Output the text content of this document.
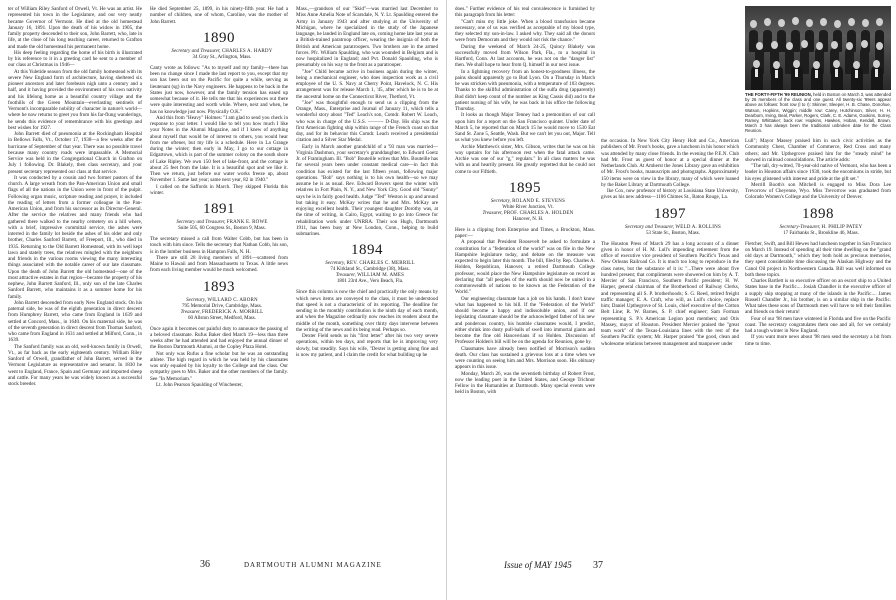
ter of William Riley Sanford of Orwell, Vt. He was an artist. He represented his town in the Legislature, and our very neatly became Governor of Vermont. He died at the old homestead January 16, 1891. Upon the death of his widow in 1905, the family property descended to their son, John Barrett, who, late in life, at the close of his long teaching career, returned to Grafton and made the old homestead his permanent home.

His deep feeling regarding the home of his birth is illustrated by his reference to it in a greeting card he sent to a member of our class at Christmas in 1946—

At this Yuletide season from the old family homestead with its severe New England form of architecture, having sheltered six pioneer ancestors and later forebears nigh unto a century and a half, and it having provided the environment of his own nativity and his lifelong home as a beautiful country village and the foothills of the Green Mountain—everlasting sentinels of Vermont's incomparable nobility of character in nature's world—where he now returns to greet you from his far-flung wanderings, he sends this evidence of remembrance with his greetings and best wishes for 1927.

John Barrett died of pneumonia at the Rockingham Hospital in Bellows Falls, Vt., October 17, 1938—a few weeks after the hurricane of September of that year. There was no possible travel because many country roads were impassable. A Memorial Service was held in the Congregational Church in Grafton on July 1 following. Dr. Blakely, then class secretary, and your present secretary represented our class at that service.

It was conducted by a cousin and two former pastors of the church. A large wreath from the Pan-American Union and small flags of all the nations in the Union were in front of the pulpit. Following organ music, scripture reading and prayer, it included the reading of letters from a former colleague in the Pan-American Union, and from his successor as its Director-General. After the service the relatives and many friends who had gathered there walked to the nearby cemetery on a hill where, with a brief, impressive committal service, the ashes were interred in the family lot beside the ashes of his older and only brother, Charles Sanford Barrett, of Freeport, Ill., who died in 1935. Returning to the Old Barrett Homestead, with its well kept lawn and stately trees, the relatives mingled with the neighbors and friends in the various rooms viewing the many interesting things associated with the notable career of our late classmate. Upon the death of John Barrett the old homestead—one of the most attractive estates in that region—became the property of his nephew, John Barrett Sanford, Ill., only son of the late Charles Sanford Barrett, who maintains it as a summer home for his family.

John Barrett descended from early New England stock. On his paternal side, he was of the eighth generation in direct descent from Humphrey Barrett, who came from England in 1639 and settled at Concord, Mass., in 1640. On his maternal side, he was of the seventh generation in direct descent from Thomas Sanford, who came from England in 1631 and settled at Milford, Conn., in 1639.

The Sanford family was an old, well-known family in Orwell, Vt., as far back as the early eighteenth century. William Riley Sanford of Orwell, grandfather of John Barrett, served in the Vermont Legislature as representative and senator. In 1830 he went to England, France, Spain and Germany and imported sheep and cattle. For many years he was widely known as a successful stock breeder.

He died September 25, 1899, in his ninety-fifth year. He had a number of children, one of whom, Caroline, was the mother of John Barrett.

1890

Secretary and Treasurer, CHARLES A. HARDY

34 Gray St., Arlington, Mass.

Canty wrote as follows: "As to myself and my family—there has been no change since I made the last report to you, except that my son has been out on the Pacific for quite a while, serving as lieutenant (sg) in the Navy engineers. He happens to be back in the States just now, however, and the family tension has eased up somewhat because of it. He tells me that his experiences out there were quite interesting and worth while. Where, next and when, he has no knowledge just now. Physically O.K."

And this from "Heavy" Holmes: "I am glad to send you check in response to your letter. I would like to tell you how much I like your Notes in the Alumni Magazine, and if I knew of anything about myself that would be of interest to others, you would hear from me oftener, but my life is a schedule. Here in La Grange during the winter; then early in May, I go to our cottage in Edgartown, which is part of the summer colony on the south shore of Lake Ripley. We own 150 feet of lake-front, and the cottage is about 25 feet from the lake. It is a beautiful spot and we like it. Then we return, just before our water works freeze up, about November 1. Same last year; same next year, 82 in 1940."

I called on the Saffords in March. They skipped Florida this winter.

1891

Secretary and Treasurer, FRANK E. ROWE

Suite 505, 60 Congress St., Boston 9, Mass.

The secretary missed a call from Walter Cobb, but has been in touch with him since. Tells the secretary that Nathan Cobb, his son, is in the lumber business in Hampton Falls, N. H.

There are still 28 living members of 1891—scattered from Maine to Hawaii and from Massachusetts to Texas. A little news from each living member would be much welcomed.

1893

Secretary, WILLARD C. ABORN

795 Memorial Drive, Cambridge, Mass.

Treasurer, FREDERICK A. MORRILL

60 Allston Street, Medford, Mass.

Once again it becomes our painful duty to announce the passing of a beloved classmate. Rufus Baker died March 19—less than three weeks after he had attended and had enjoyed the annual dinner of the Boston Dartmouth Alumni, at the Copley Plaza Hotel.

Not only was Rufus a fine scholar but he was an outstanding athlete. The high regard in which he was held by his classmates was only equaled by his loyalty to the College and the class. Our sympathy goes to Mrs. Baker and the other members of the family. See "In Memoriam."

Lt. John Pearson Spaulding of Winchester,

Mass.,—grandson of our "Skid"—was married last December to Miss Anne Amelia Note of Scarsdale, N. Y. Lt. Spaulding entered the Army in January 1943 and after studying at the University of Michigan, where he specialized in the study of the Japanese language, he landed in England late on, coming home late last year as a British-trained paratroop officer, wearing the insignia of both the British and American paratroopers. Two brothers are in the armed forces. Pfc. William Spaulding, who was wounded in Belgium and is now hospitalized in England; and Pvt. Donald Spaulding, who is presumably on his way to the front as a paratrooper.

"Joe" Child became active in business again during the winter, being a mechanical engineer, who does inspection work as a civil employee of the U. S. Navy at Cherry Point, Havelock, N. C. His arrangement was for release March 1, '45, after which he is to be at the ancestral home on the Connecticut River, Thetford, Vt.

"Joe" was thoughtful enough to send us a clipping from the Orange, Mass., Enterprise and Journal of January 11, which tells a wonderful story about "Ted" Leach's son, Comdr. Robert W. Leach, who was in charge of the U.S.S. ——— D-Day. His ship was the first American fighting ship within range of the French coast on that day, and for its behavior this Comdr. Leach received a presidential citation and a Silver Star Medal.

Early in March another grandchild of a '93 man was married—Virginia Dashmon, your secretary's granddaughter, to Edward Goetz Jr. of Framingham. Ill. "Bob" Bouteille writes that Mrs. Bouteille has for several years been under constant medical care—in fact this condition has existed for the last fifteen years, following major operations. "Bob" says nothing is to his own health—so we may assume he is as usual. Rev. Edward Bowers spent the winter with relatives in Fort Plain, N. Y., and New York City. Good old "Sunny" says he is in fairly good health. Judge "Ted" Weston is up and around but taking it easy. McKay writes that he and Mrs. McKay are enjoying excellent health. Their youngest daughter Dorothy was, at the time of writing, in Cairo, Egypt, waiting to go into Greece for rehabilitation work under UNRRA. Their son Hugh, Dartmouth 1911, has been busy at New London, Conn., helping to build submarines.

1894

Secretary, REV. CHARLES C. MERRILL

74 Kirkland St., Cambridge (38), Mass.

Treasurer, WILLIAM M. AMES

1801 23rd Ave., Vero Beach, Fla.

Since this column is now the chief and practically the only means by which news items are conveyed to the class, it must be understood that speed is not a characteristic of its reporting. The deadline for sending in the monthly contribution is the ninth day of each month, and when the Magazine ordinarily now reaches its readers about the middle of the month, something over thirty days intervene between the writing of the news and its being read. Perhaps so.

Dexter Field sends us his "first letter" after his two very severe operations, within ten days, and reports that he is improving very slowly, but steadily. Says his wife, "Dexter is getting along fine and is now my patient, and I claim the credit for what building up he

36	DARTMOUTH ALUMNI MAGAZINE

does." Further evidence of his real convalescence is furnished by this paragraph from his letter:

"Can't miss my little joke. When a blood transfusion became necessary, one of us was verified as acceptable of my blood type, they selected my son-in-law. I asked why. They said all the donors were from Democrats and they would not risk the chance."

During the weekend of March 24-25, Quincy Blakely was successfully moved from Wilson Park, Fla., to a hospital in Hartford, Conn. At last accounts, he was not on the "danger list" then. We shall hope to hear from Q. himself in our next issue.

In a lightning recovery from an honest-to-goodness illness, the pains should apparently go to Bud Lyon. On a Thursday in March he was stricken with pneumonia, with a temperature of 103 degrees. Thanks to the skillful administration of the sulfa drug (apparently) Bud didn't keep count of the number as King Cassis did) and to the patient nursing of his wife, he was back in his office the following Thursday.

It looks as though Major Tenney had a premonition of our call upon him for a report on the San Francisco quintet. Under date of March 5, he reported that on March 15 he would move to 1530 Eat Sand St. Zone 5, Seattle, Wash. But we can't let you out, Major. Tell us what you knew before you left.

Archie Matthews's sister, Mrs. Gibson, writes that he was on his way upstairs for his afternoon rest when the fatal attack came. Archie was one of our "g," regulars." In all class matters he was with us and heartily present. He greatly regretted that he could not come to our Fiftieth.

1895

Secretary, ROLAND E. STEVENS

White River Junction, Vt.

Treasurer, PROF. CHARLES A. HOLDEN

Hanover, N. H.

Here is a clipping from Enterprise and Times, a Brockton, Mass. paper:—

A proposal that President Roosevelt be asked to formulate a constitution for a "federation of the world" was on file in the New Hampshire legislature today, and debate on the measure was expected to begin later this month. The bill, filed by Rep. Charles A. Holden, Republican, Hanover, a retired Dartmouth College professor, would place the New Hampshire legislature on record as declaring that "all peoples of the earth should now be united in a commonwealth of nations to be known as the Federation of the World."

Our engineering classmate has a job on his hands. I don't know what has happened to his bill. If the "Federation of the World" should become a happy and indissoluble union, and if our legislating classmate should be the acknowledged father of his new and ponderous country, his humble classmates would, I predict, either shrink into dusty pull-balls of swell into immortal giants and become the fine old Hanoverians if so Holden. Discussion of Professor Holden's bill will be on the agenda for Reunion, gone by.

Classmates have already been notified of Morrison's sudden death. Our class has sustained a grievous loss at a time when we were counting on seeing him and Mrs. Morrison soon. His obituary appears in this issue.

Monday, March 26, was the seventieth birthday of Robert Frost, now the leading poet in the United States, and George Trichnor Fellow in the Humanities at Dartmouth. Many special events were held in Boston, with

the occasion. In New York City Henry Holt and Co., American publishers of Mr. Frost's books, gave a luncheon in his honor which was attended by many close friends. In the evening the P.E.N. Club had Mr. Frost as guest of honor at a special dinner at the Netherlands Club. At Amherst the Jones Library gave an exhibition of Mr. Frost's books, manuscripts and photographs. Approximately 150 items were on view in the library, many of which were loaned by the Baker Library at Dartmouth College.

Ike Cox, now professor of history at Louisiana State University, gives as his new address—1106 Chimes St., Baton Rouge, La.

1897

Secretary and Treasurer, WELD A. ROLLINS

53 State St., Boston, Mass.

The Houston Press of March 29 has a long account of a dinner given in honor of H. M. Lull's impending retirement from the office of executive vice president of Southern Pacific's Texas and New Orleans Railroad Co. It is much too long to reproduce in the class notes, but the substance of it is: "...There were about five hundred present; that compliments were showered on him by A. T. Mercier of San Francisco, Southern Pacific president; H. W. Harper, general chairman of the Brotherhood of Railway Clerks, and representing all S. P. brotherhoods; S. G. Reed, retired freight traffic manager; E. A. Craft, who will, as Lull's choice, replace him; Daniel Upthegrove of St. Louis, chief executive of the Cotton Belt Line; R. W. Barnes, S. P. chief engineer; Sam Forman representing S. P.'s American Legion post members; and Otis Massey, mayor of Houston. President Mercier praised the "great team work" of the Texas-Louisiana lines with the rest of the Southern Pacific system; Mr. Harper praised "the good, clean and wholesome relations between management and manpower under

Lull"; Mayor Massey praised him in such civic activities as the Community Chest, Chamber of Commerce, Red Cross and many others; and Mr. Upthegrove praised him for the "steady mind" he showed in railroad consolidations. The article adds:

"The tall, dry-witted, 70-year-old native of Vermont, who has been a leader in Houston affairs since 1930, took the encomiums in stride, but his eyes glistened with interest and pride at the gift set."

Merrill Booth's son Mitchell is engaged to Miss Dora Lee Trevorrow of Cheyenne, Wyo. Miss Trevorrow was graduated from Colorado Women's College and the University of Denver.

1898

Secretary-Treasurer, H. PHILIP PATEY

17 Fairbanks St., Brookline 46, Mass.

Fletcher, Swift, and Bill Hewes had luncheon together in San Francisco on March 19. Instead of spending all their time dwelling on the "grand old days at Dartmouth," which they both hold as precious memories, they spent considerable time discussing the Alaskan Highway and the Canol Oil project in Northwestern Canada. Bill was well informed on both these topics.

Charles Bartlett is so executive officer on an escort ship to a United States base in the Pacific.... Josiah Chandler is the executive officer of a supply ship stopping at many of the islands in the Pacific.... James Russell Chandler Jr., his brother, is on a similar ship in the Pacific. What tales these sons of Dartmouth men will have to tell their families and friends on their return!

Four of our '98 men have wintered in Florida and five on the Pacific coast. The secretary congratulates them one and all, for we certainly had a tough winter in New England.

If you want more news about '98 men send the secretary a bit from time to time.

THE FORTY-FIFTH '99 REUNION, held in Boston on March 3, was attended by 26 members of the class and one guest. All twenty-six '99ers appear above as follows: front row (l to r): Skinner, Sleeper, H. B. Chase, Donohue, Watson, Hopkins, Wiggin; middle row: Carey, Hutchinson, Silver, H. H. Dearborn, Irving, Beal, Parker, Rogers, Clark, C. E. Adams, Gookins, Surrey, Ramey, Whittaker; back row: Hopkins, Hawkes, Hoban, Kendall, Brown. March 3 has always been the traditional unbroken date for the Class Reunion.
Issue of MAY 1945 37
